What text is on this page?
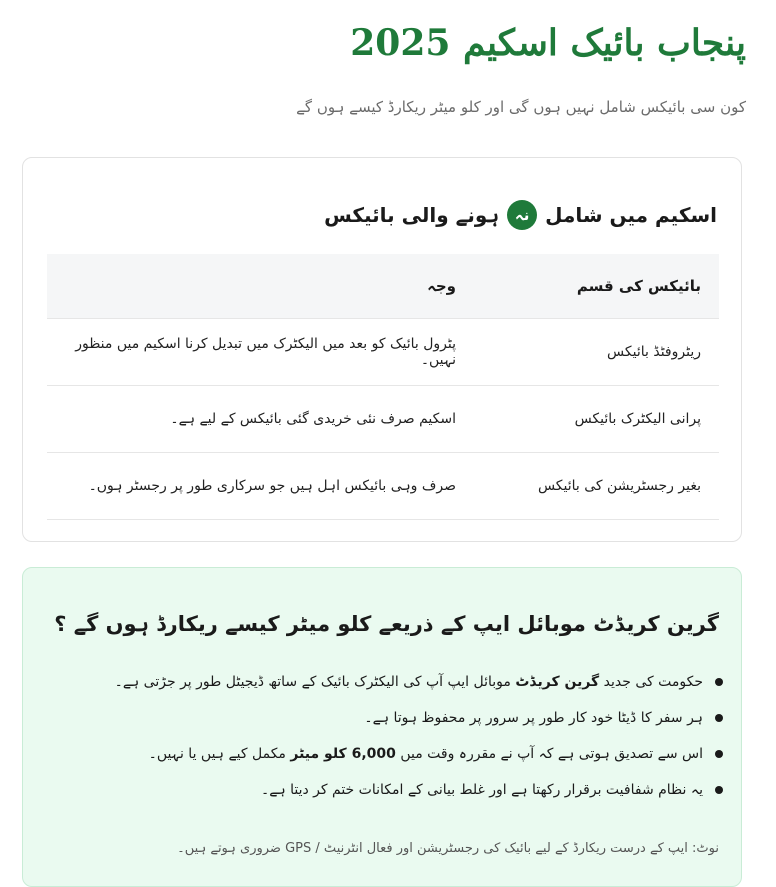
پنجاب بائیک اسکیم 2025
کون سی بائیکس شامل نہیں ہوں گی اور کلو میٹر ریکارڈ کیسے ہوں گے
اسکیم میں شامل
نہ
ہونے والی بائیکس
بائیکس کی قسم	وجہ
ریٹروفٹڈ بائیکس	پٹرول بائیک کو بعد میں الیکٹرک میں تبدیل کرنا اسکیم میں منظور نہیں۔
پرانی الیکٹرک بائیکس	اسکیم صرف نئی خریدی گئی بائیکس کے لیے ہے۔
بغیر رجسٹریشن کی بائیکس	صرف وہی بائیکس اہل ہیں جو سرکاری طور پر رجسٹر ہوں۔
گرین کریڈٹ موبائل ایپ کے ذریعے کلو میٹر کیسے ریکارڈ ہوں گے ؟
حکومت کی جدید گرین کریڈٹ موبائل ایپ آپ کی الیکٹرک بائیک کے ساتھ ڈیجیٹل طور پر جڑتی ہے۔
ہر سفر کا ڈیٹا خود کار طور پر سرور پر محفوظ ہوتا ہے۔
اس سے تصدیق ہوتی ہے کہ آپ نے مقررہ وقت میں 6,000 کلو میٹر مکمل کیے ہیں یا نہیں۔
یہ نظام شفافیت برقرار رکھتا ہے اور غلط بیانی کے امکانات ختم کر دیتا ہے۔

نوٹ: ایپ کے درست ریکارڈ کے لیے بائیک کی رجسٹریشن اور فعال انٹرنیٹ / GPS ضروری ہوتے ہیں۔
